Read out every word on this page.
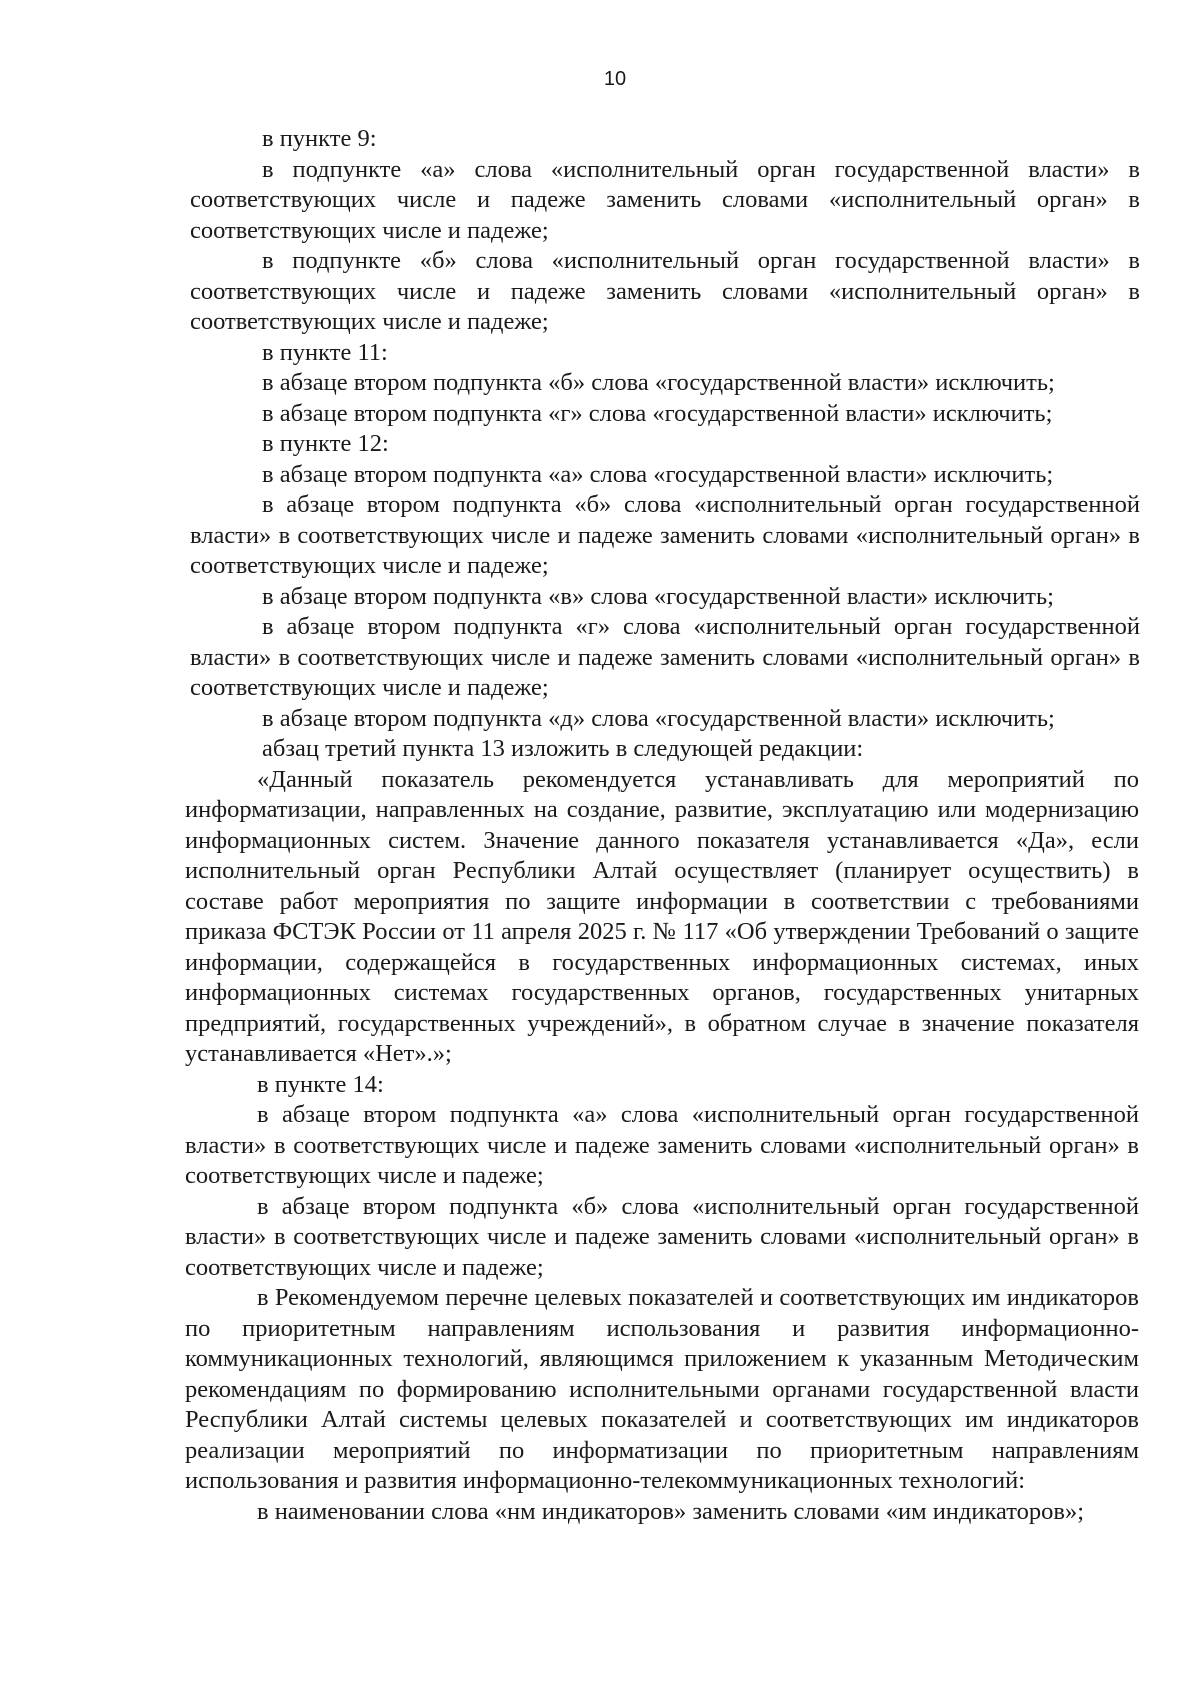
10

в пункте 9:

в подпункте «а» слова «исполнительный орган государственной власти» в соответствующих числе и падеже заменить словами «исполнительный орган» в соответствующих числе и падеже;

в подпункте «б» слова «исполнительный орган государственной власти» в соответствующих числе и падеже заменить словами «исполнительный орган» в соответствующих числе и падеже;

в пункте 11:

в абзаце втором подпункта «б» слова «государственной власти» исключить;

в абзаце втором подпункта «г» слова «государственной власти» исключить;

в пункте 12:

в абзаце втором подпункта «а» слова «государственной власти» исключить;

в абзаце втором подпункта «б» слова «исполнительный орган государственной власти» в соответствующих числе и падеже заменить словами «исполнительный орган» в соответствующих числе и падеже;

в абзаце втором подпункта «в» слова «государственной власти» исключить;

в абзаце втором подпункта «г» слова «исполнительный орган государственной власти» в соответствующих числе и падеже заменить словами «исполнительный орган» в соответствующих числе и падеже;

в абзаце втором подпункта «д» слова «государственной власти» исключить;

абзац третий пункта 13 изложить в следующей редакции:

«Данный показатель рекомендуется устанавливать для мероприятий по информатизации, направленных на создание, развитие, эксплуатацию или модернизацию информационных систем. Значение данного показателя устанавливается «Да», если исполнительный орган Республики Алтай осуществляет (планирует осуществить) в составе работ мероприятия по защите информации в соответствии с требованиями приказа ФСТЭК России от 11 апреля 2025 г. № 117 «Об утверждении Требований о защите информации, содержащейся в государственных информационных системах, иных информационных системах государственных органов, государственных унитарных предприятий, государственных учреждений», в обратном случае в значение показателя устанавливается «Нет».»;

в пункте 14:

в абзаце втором подпункта «а» слова «исполнительный орган государственной власти» в соответствующих числе и падеже заменить словами «исполнительный орган» в соответствующих числе и падеже;

в абзаце втором подпункта «б» слова «исполнительный орган государственной власти» в соответствующих числе и падеже заменить словами «исполнительный орган» в соответствующих числе и падеже;

в Рекомендуемом перечне целевых показателей и соответствующих им индикаторов по приоритетным направлениям использования и развития информационно-коммуникационных технологий, являющимся приложением к указанным Методическим рекомендациям по формированию исполнительными органами государственной власти Республики Алтай системы целевых показателей и соответствующих им индикаторов реализации мероприятий по информатизации по приоритетным направлениям использования и развития информационно-телекоммуникационных технологий:

в наименовании слова «нм индикаторов» заменить словами «им индикаторов»;
